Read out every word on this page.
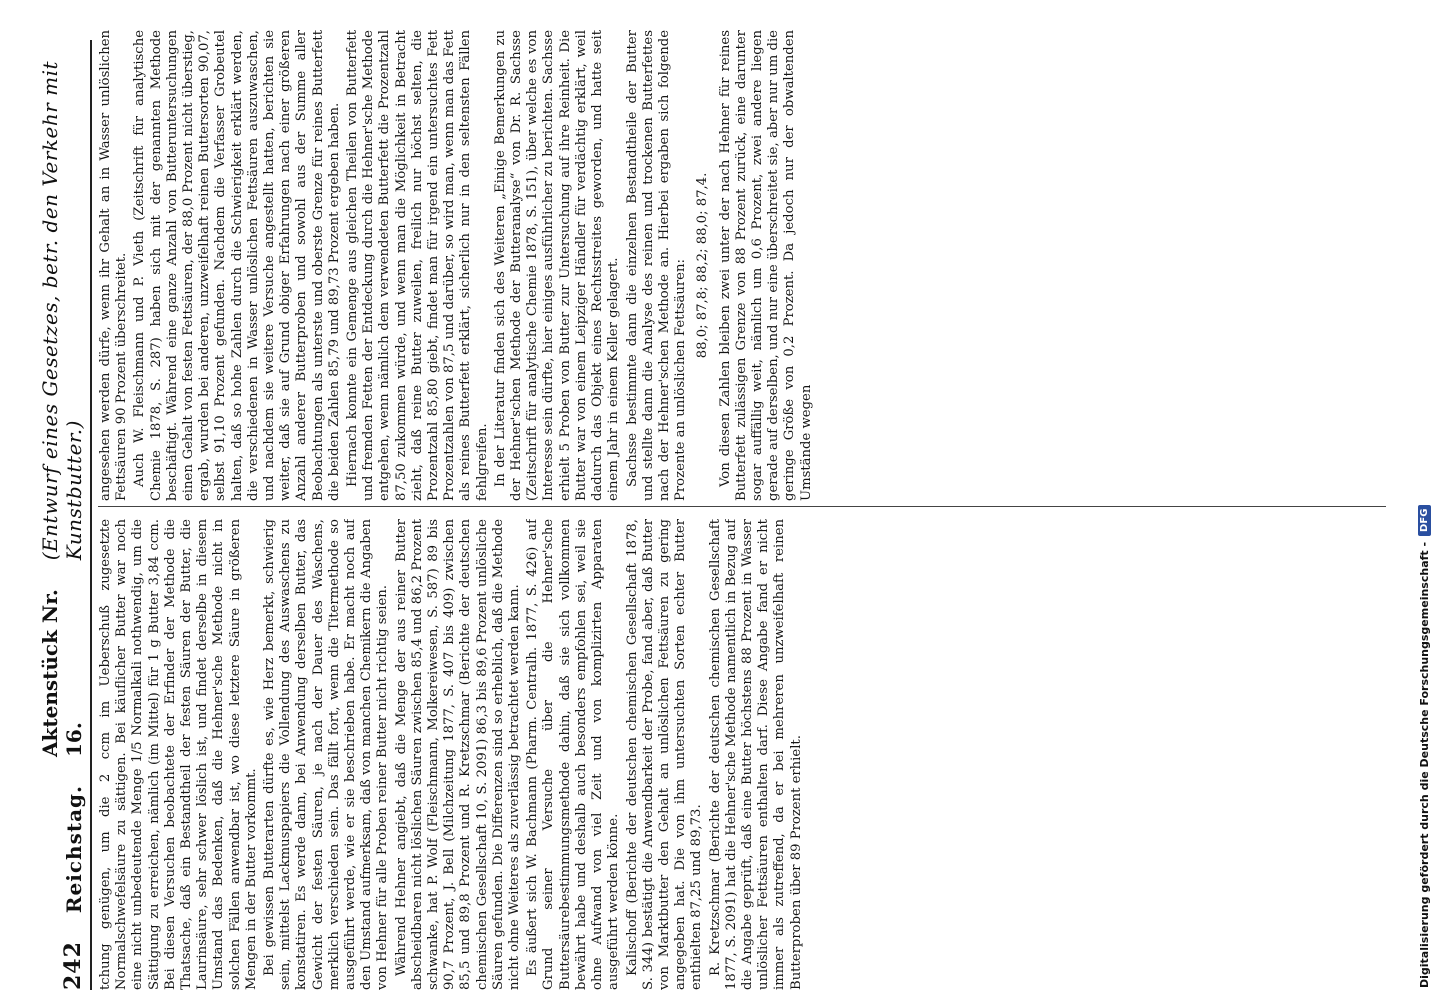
242
Reichstag.
Aktenstück Nr. 16.
(Entwurf eines Gesetzes, betr. den Verkehr mit Kunstbutter.)

tchung genügen, um die 2 ccm im Ueberschuß zugesetzte Normalschwefelsäure zu sättigen. Bei käuflicher Butter war noch eine nicht unbedeutende Menge 1/5 Normalkali nothwendig, um die Sättigung zu erreichen, nämlich (im Mittel) für 1 g Butter 3,84 ccm. Bei diesen Versuchen beobachtete der Erfinder der Methode die Thatsache, daß ein Bestandtheil der festen Säuren der Butter, die Laurinsäure, sehr schwer löslich ist, und findet derselbe in diesem Umstand das Bedenken, daß die Hehner'sche Methode nicht in solchen Fällen anwendbar ist, wo diese letztere Säure in größeren Mengen in der Butter vorkommt. Bei gewissen Butterarten dürfte es, wie Herz bemerkt, schwierig sein, mittelst Lackmuspapiers die Vollendung des Auswaschens zu konstatiren. Es werde dann, bei Anwendung derselben Butter, das Gewicht der festen Säuren, je nach der Dauer des Waschens, merklich verschieden sein. Das fällt fort, wenn die Titermethode so ausgeführt werde, wie er sie beschrieben habe. Er macht noch auf den Umstand aufmerksam, daß von manchen Chemikern die Angaben von Hehner für alle Proben reiner Butter nicht richtig seien. Während Hehner angiebt, daß die Menge der aus reiner Butter abscheidbaren nicht löslichen Säuren zwischen 85,4 und 86,2 Prozent schwanke, hat P. Wolf (Fleischmann, Molkereiwesen, S. 587) 89 bis 90,7 Prozent, J. Bell (Milchzeitung 1877, S. 407 bis 409) zwischen 85,5 und 89,8 Prozent und R. Kretzschmar (Berichte der deutschen chemischen Gesellschaft 10, S. 2091) 86,3 bis 89,6 Prozent unlösliche Säuren gefunden. Die Differenzen sind so erheblich, daß die Methode nicht ohne Weiteres als zuverlässig betrachtet werden kann. Es äußert sich W. Bachmann (Pharm. Centralh. 1877, S. 426) auf Grund seiner Versuche über die Hehner'sche Buttersäurebestimmungsmethode dahin, daß sie sich vollkommen bewährt habe und deshalb auch besonders empfohlen sei, weil sie ohne Aufwand von viel Zeit und von komplizirten Apparaten ausgeführt werden könne. Kalischoff (Berichte der deutschen chemischen Gesellschaft 1878, S. 344) bestätigt die Anwendbarkeit der Probe, fand aber, daß Butter von Marktbutter den Gehalt an unlöslichen Fettsäuren zu gering angegeben hat. Die von ihm untersuchten Sorten echter Butter enthielten 87,25 und 89,73. R. Kretzschmar (Berichte der deutschen chemischen Gesellschaft 1877, S. 2091) hat die Hehner'sche Methode namentlich in Bezug auf die Angabe geprüft, daß eine Butter höchstens 88 Prozent in Wasser unlöslicher Fettsäuren enthalten darf. Diese Angabe fand er nicht immer als zutreffend, da er bei mehreren unzweifelhaft reinen Butterproben über 89 Prozent erhielt.

angesehen werden dürfe, wenn ihr Gehalt an in Wasser unlöslichen Fettsäuren 90 Prozent überschreitet. Auch W. Fleischmann und P. Vieth (Zeitschrift für analytische Chemie 1878, S. 287) haben sich mit der genannten Methode beschäftigt. Während eine ganze Anzahl von Butteruntersuchungen einen Gehalt von festen Fettsäuren, der 88,0 Prozent nicht überstieg, ergab, wurden bei anderen, unzweifelhaft reinen Buttersorten 90,07, selbst 91,10 Prozent gefunden. Nachdem die Verfasser Grobeutel halten, daß so hohe Zahlen durch die Schwierigkeit erklärt werden, die verschiedenen in Wasser unlöslichen Fettsäuren auszuwaschen, und nachdem sie weitere Versuche angestellt hatten, berichten sie weiter, daß sie auf Grund obiger Erfahrungen nach einer größeren Anzahl anderer Butterproben und sowohl aus der Summe aller Beobachtungen als unterste und oberste Grenze für reines Butterfett die beiden Zahlen 85,79 und 89,73 Prozent ergeben haben. Hiernach konnte ein Gemenge aus gleichen Theilen von Butterfett und fremden Fetten der Entdeckung durch die Hehner'sche Methode entgehen, wenn nämlich dem verwendeten Butterfett die Prozentzahl 87,50 zukommen würde, und wenn man die Möglichkeit in Betracht zieht, daß reine Butter zuweilen, freilich nur höchst selten, die Prozentzahl 85,80 giebt, findet man für irgend ein untersuchtes Fett Prozentzahlen von 87,5 und darüber, so wird man, wenn man das Fett als reines Butterfett erklärt, sicherlich nur in den seltensten Fällen fehlgreifen. In der Literatur finden sich des Weiteren „Einige Bemerkungen zu der Hehner'schen Methode der Butteranalyse“ von Dr. R. Sachsse (Zeitschrift für analytische Chemie 1878, S. 151), über welche es von Interesse sein dürfte, hier einiges ausführlicher zu berichten. Sachsse erhielt 5 Proben von Butter zur Untersuchung auf ihre Reinheit. Die Butter war von einem Leipziger Händler für verdächtig erklärt, weil dadurch das Objekt eines Rechtsstreites geworden, und hatte seit einem Jahr in einem Keller gelagert. Sachsse bestimmte dann die einzelnen Bestandtheile der Butter und stellte dann die Analyse des reinen und trockenen Butterfettes nach der Hehner'schen Methode an. Hierbei ergaben sich folgende Prozente an unlöslichen Fettsäuren: 88,0; 87,8; 88,2; 88,0; 87,4. Von diesen Zahlen bleiben zwei unter der nach Hehner für reines Butterfett zulässigen Grenze von 88 Prozent zurück, eine darunter sogar auffällig weit, nämlich um 0,6 Prozent, zwei andere liegen gerade auf derselben, und nur eine überschreitet sie, aber nur um die geringe Größe von 0,2 Prozent. Da jedoch nur der obwaltenden Umstände wegen

Digitalisierung gefördert durch die Deutsche Forschungsgemeinschaft -
DFG
